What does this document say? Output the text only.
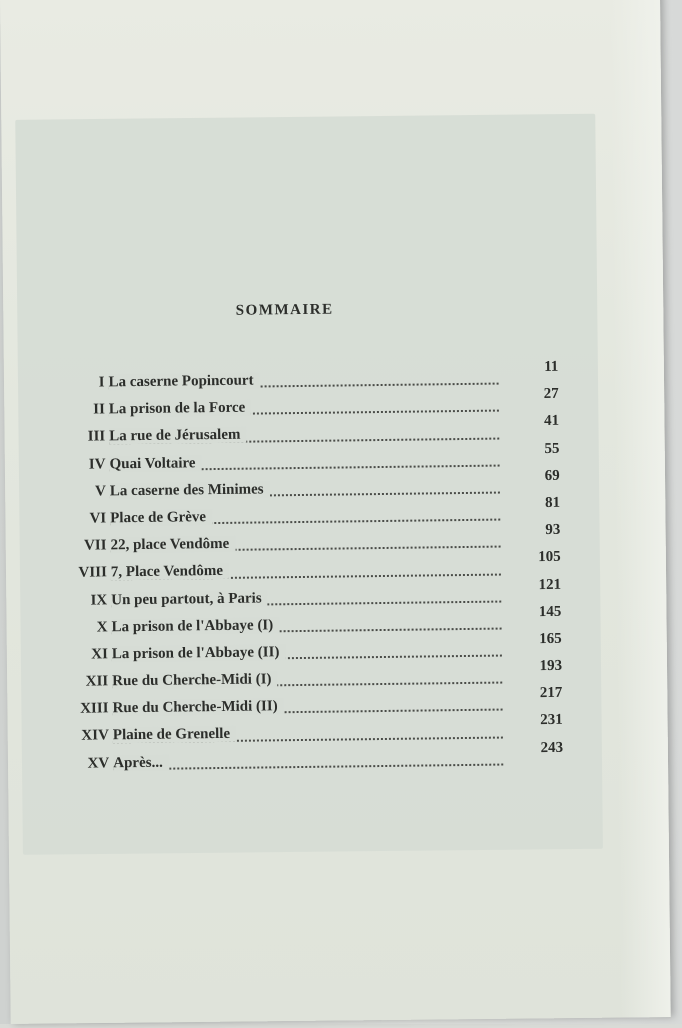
SOMMAIRE
I La caserne Popincourt
11
II La prison de la Force
27
III La rue de Jérusalem
41
IV Quai Voltaire
55
V La caserne des Minimes
69
VI Place de Grève
81
VII 22, place Vendôme
93
VIII 7, Place Vendôme
105
IX Un peu partout, à Paris
121
X La prison de l'Abbaye (I)
145
XI La prison de l'Abbaye (II)
165
XII Rue du Cherche-Midi (I)
193
XIII Rue du Cherche-Midi (II)
217
XIV Plaine de Grenelle
231
XV Après...
243
​
